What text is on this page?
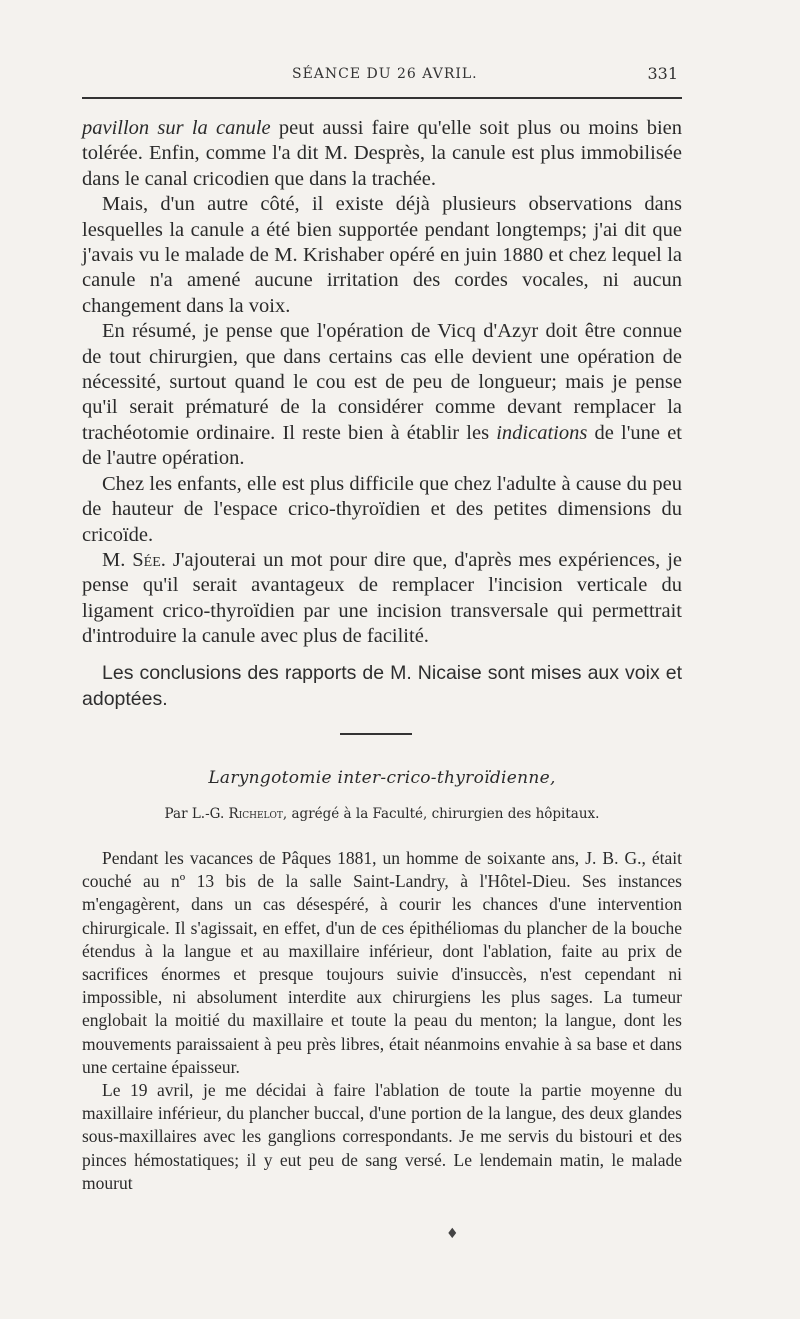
SÉANCE DU 26 AVRIL.	331

pavillon sur la canule peut aussi faire qu'elle soit plus ou moins bien tolérée. Enfin, comme l'a dit M. Desprès, la canule est plus immobilisée dans le canal cricodien que dans la trachée.

Mais, d'un autre côté, il existe déjà plusieurs observations dans lesquelles la canule a été bien supportée pendant longtemps; j'ai dit que j'avais vu le malade de M. Krishaber opéré en juin 1880 et chez lequel la canule n'a amené aucune irritation des cordes vocales, ni aucun changement dans la voix.

En résumé, je pense que l'opération de Vicq d'Azyr doit être connue de tout chirurgien, que dans certains cas elle devient une opération de nécessité, surtout quand le cou est de peu de longueur; mais je pense qu'il serait prématuré de la considérer comme devant remplacer la trachéotomie ordinaire. Il reste bien à établir les indications de l'une et de l'autre opération.

Chez les enfants, elle est plus difficile que chez l'adulte à cause du peu de hauteur de l'espace crico-thyroïdien et des petites dimensions du cricoïde.

M. Sée. J'ajouterai un mot pour dire que, d'après mes expériences, je pense qu'il serait avantageux de remplacer l'incision verticale du ligament crico-thyroïdien par une incision transversale qui permettrait d'introduire la canule avec plus de facilité.

Les conclusions des rapports de M. Nicaise sont mises aux voix et adoptées.

Laryngotomie inter-crico-thyroïdienne,
Par L.-G. Richelot, agrégé à la Faculté, chirurgien des hôpitaux.

Pendant les vacances de Pâques 1881, un homme de soixante ans, J. B. G., était couché au nº 13 bis de la salle Saint-Landry, à l'Hôtel-Dieu. Ses instances m'engagèrent, dans un cas désespéré, à courir les chances d'une intervention chirurgicale. Il s'agissait, en effet, d'un de ces épithéliomas du plancher de la bouche étendus à la langue et au maxillaire inférieur, dont l'ablation, faite au prix de sacrifices énormes et presque toujours suivie d'insuccès, n'est cependant ni impossible, ni absolument interdite aux chirurgiens les plus sages. La tumeur englobait la moitié du maxillaire et toute la peau du menton; la langue, dont les mouvements paraissaient à peu près libres, était néanmoins envahie à sa base et dans une certaine épaisseur.

Le 19 avril, je me décidai à faire l'ablation de toute la partie moyenne du maxillaire inférieur, du plancher buccal, d'une portion de la langue, des deux glandes sous-maxillaires avec les ganglions correspondants. Je me servis du bistouri et des pinces hémostatiques; il y eut peu de sang versé. Le lendemain matin, le malade mourut

♦
